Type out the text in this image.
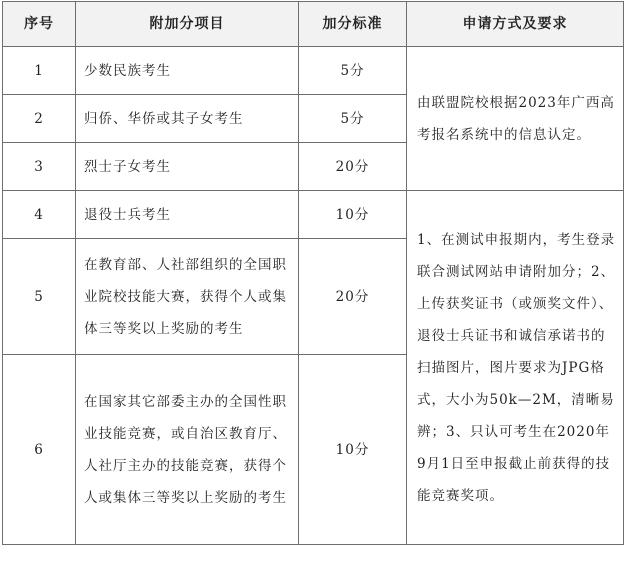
序号	附加分项目	加分标准	申请方式及要求
1	少数民族考生	5分	由联盟院校根据2023年广西高考报名系统中的信息认定。
2	归侨、华侨或其子女考生	5分	
3	烈士子女考生	20分	
4	退役士兵考生	10分	1、在测试申报期内，考生登录联合测试网站申请附加分；2、上传获奖证书（或颁奖文件）、退役士兵证书和诚信承诺书的扫描图片，图片要求为JPG格式，大小为50k—2M，清晰易辨；3、只认可考生在2020年9月1日至申报截止前获得的技能竞赛奖项。
5	在教育部、人社部组织的全国职业院校技能大赛，获得个人或集体三等奖以上奖励的考生	20分	
6	在国家其它部委主办的全国性职业技能竞赛，或自治区教育厅、人社厅主办的技能竞赛，获得个人或集体三等奖以上奖励的考生	10分	
